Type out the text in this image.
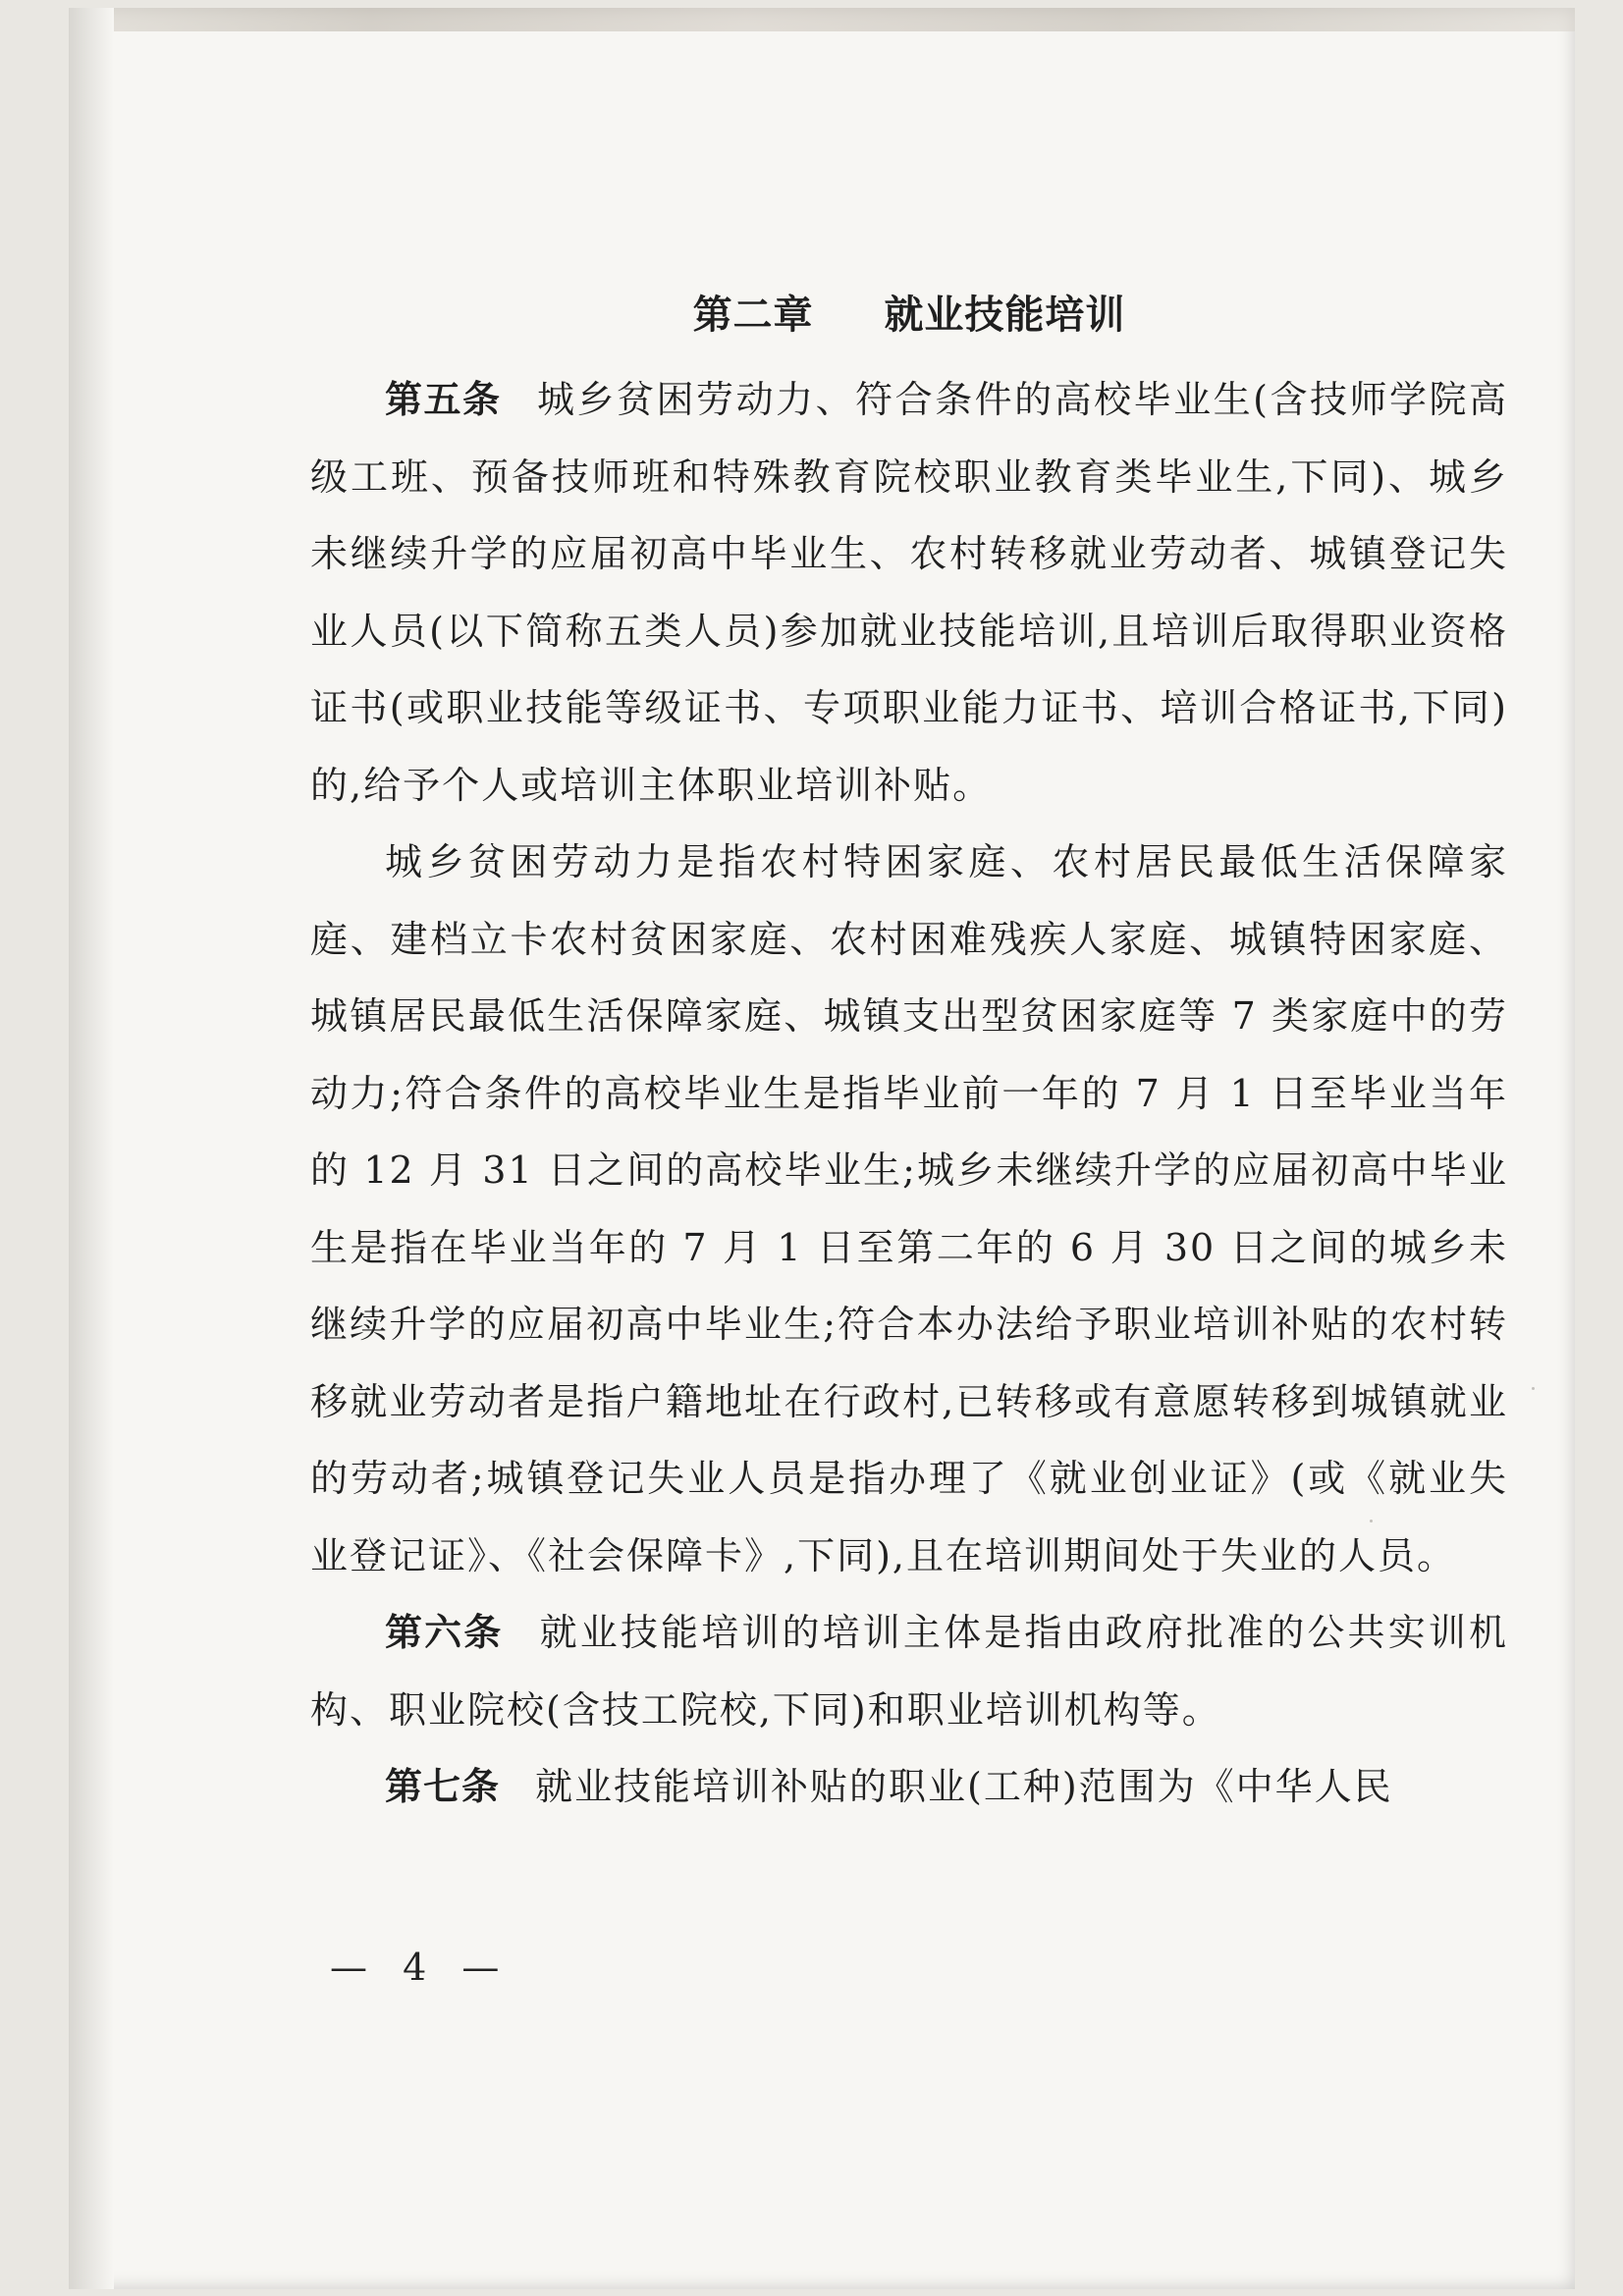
第二章 就业技能培训

第五条 城乡贫困劳动力、符合条件的高校毕业生(含技师学院高级工班、预备技师班和特殊教育院校职业教育类毕业生,下同)、城乡未继续升学的应届初高中毕业生、农村转移就业劳动者、城镇登记失业人员(以下简称五类人员)参加就业技能培训,且培训后取得职业资格证书(或职业技能等级证书、专项职业能力证书、培训合格证书,下同)的,给予个人或培训主体职业培训补贴。

城乡贫困劳动力是指农村特困家庭、农村居民最低生活保障家庭、建档立卡农村贫困家庭、农村困难残疾人家庭、城镇特困家庭、城镇居民最低生活保障家庭、城镇支出型贫困家庭等 7 类家庭中的劳动力;符合条件的高校毕业生是指毕业前一年的 7 月 1 日至毕业当年的 12 月 31 日之间的高校毕业生;城乡未继续升学的应届初高中毕业生是指在毕业当年的 7 月 1 日至第二年的 6 月 30 日之间的城乡未继续升学的应届初高中毕业生;符合本办法给予职业培训补贴的农村转移就业劳动者是指户籍地址在行政村,已转移或有意愿转移到城镇就业的劳动者;城镇登记失业人员是指办理了《就业创业证》(或《就业失业登记证》、《社会保障卡》,下同),且在培训期间处于失业的人员。

第六条 就业技能培训的培训主体是指由政府批准的公共实训机构、职业院校(含技工院校,下同)和职业培训机构等。

第七条 就业技能培训补贴的职业(工种)范围为《中华人民

— 4 —
